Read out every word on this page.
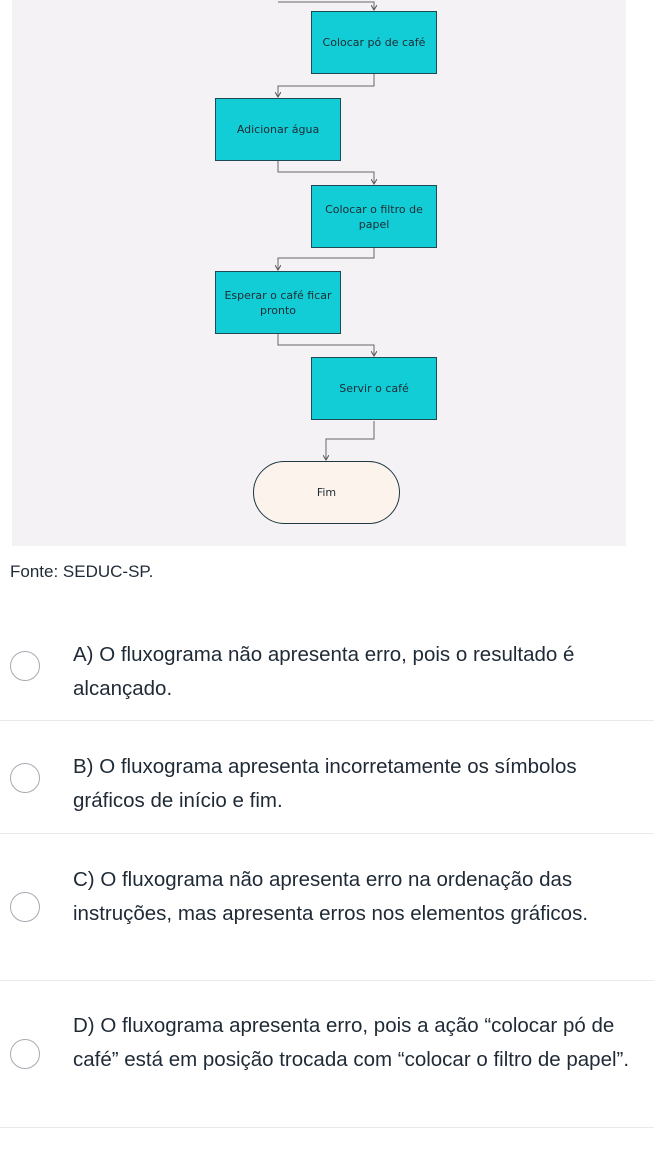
Colocar pó de café
Adicionar água
Colocar o filtro de papel
Esperar o café ficar pronto
Servir o café
Fim
Fonte: SEDUC-SP.
A) O fluxograma não apresenta erro, pois o resultado é alcançado.
B) O fluxograma apresenta incorretamente os símbolos gráficos de início e fim.
C) O fluxograma não apresenta erro na ordenação das instruções, mas apresenta erros nos elementos gráficos.
D) O fluxograma apresenta erro, pois a ação “colocar pó de café” está em posição trocada com “colocar o filtro de papel”.
